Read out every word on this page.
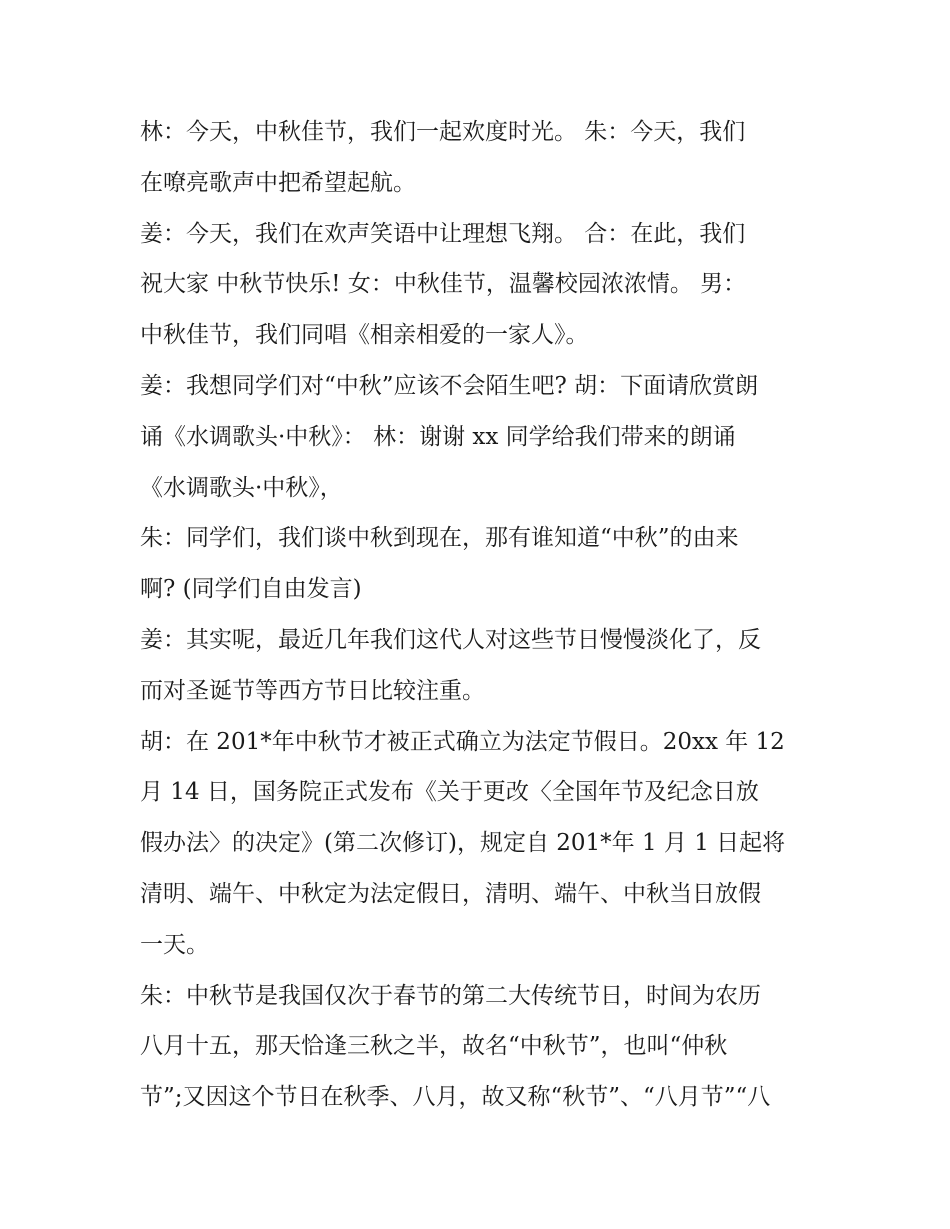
林：今天，中秋佳节，我们一起欢度时光。 朱：今天，我们
在嘹亮歌声中把希望起航。
姜：今天，我们在欢声笑语中让理想飞翔。 合：在此，我们
祝大家 中秋节快乐! 女：中秋佳节，温馨校园浓浓情。 男：
中秋佳节，我们同唱《相亲相爱的一家人》。
姜：我想同学们对“中秋”应该不会陌生吧? 胡：下面请欣赏朗
诵《水调歌头·中秋》： 林：谢谢 xx 同学给我们带来的朗诵
《水调歌头·中秋》，
朱：同学们，我们谈中秋到现在，那有谁知道“中秋”的由来
啊? (同学们自由发言)
姜：其实呢，最近几年我们这代人对这些节日慢慢淡化了，反
而对圣诞节等西方节日比较注重。
胡：在 201*年中秋节才被正式确立为法定节假日。20xx 年 12
月 14 日，国务院正式发布《关于更改〈全国年节及纪念日放
假办法〉的决定》(第二次修订)，规定自 201*年 1 月 1 日起将
清明、端午、中秋定为法定假日，清明、端午、中秋当日放假
一天。
朱：中秋节是我国仅次于春节的第二大传统节日，时间为农历
八月十五，那天恰逢三秋之半，故名“中秋节”，也叫“仲秋
节”;又因这个节日在秋季、八月，故又称“秋节”、“八月节”“八
